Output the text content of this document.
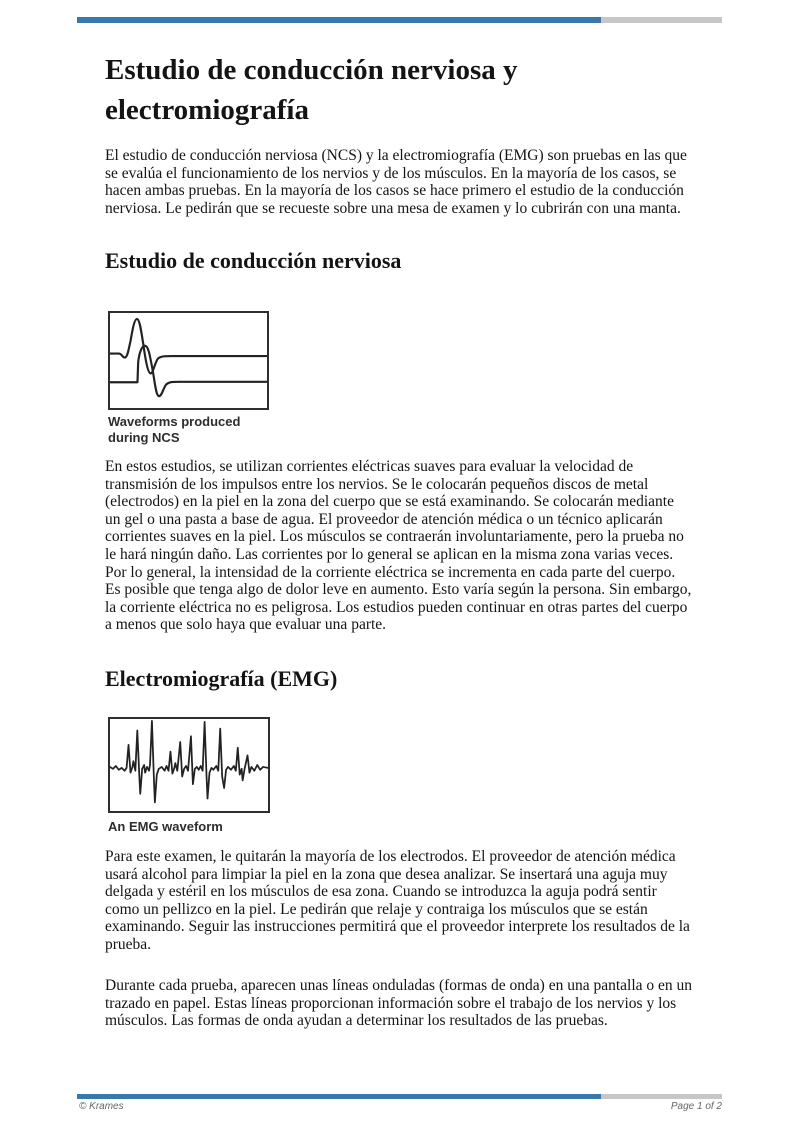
Estudio de conducción nerviosa y electromiografía

El estudio de conducción nerviosa (NCS) y la electromiografía (EMG) son pruebas en las que se evalúa el funcionamiento de los nervios y de los músculos. En la mayoría de los casos, se hacen ambas pruebas. En la mayoría de los casos se hace primero el estudio de la conducción nerviosa. Le pedirán que se recueste sobre una mesa de examen y lo cubrirán con una manta.

Estudio de conducción nerviosa
Waveforms produced during NCS

En estos estudios, se utilizan corrientes eléctricas suaves para evaluar la velocidad de transmisión de los impulsos entre los nervios. Se le colocarán pequeños discos de metal (electrodos) en la piel en la zona del cuerpo que se está examinando. Se colocarán mediante un gel o una pasta a base de agua. El proveedor de atención médica o un técnico aplicarán corrientes suaves en la piel. Los músculos se contraerán involuntariamente, pero la prueba no le hará ningún daño. Las corrientes por lo general se aplican en la misma zona varias veces. Por lo general, la intensidad de la corriente eléctrica se incrementa en cada parte del cuerpo. Es posible que tenga algo de dolor leve en aumento. Esto varía según la persona. Sin embargo, la corriente eléctrica no es peligrosa. Los estudios pueden continuar en otras partes del cuerpo a menos que solo haya que evaluar una parte.

Electromiografía (EMG)
An EMG waveform

Para este examen, le quitarán la mayoría de los electrodos. El proveedor de atención médica usará alcohol para limpiar la piel en la zona que desea analizar. Se insertará una aguja muy delgada y estéril en los músculos de esa zona. Cuando se introduzca la aguja podrá sentir como un pellizco en la piel. Le pedirán que relaje y contraiga los músculos que se están examinando. Seguir las instrucciones permitirá que el proveedor interprete los resultados de la prueba.

Durante cada prueba, aparecen unas líneas onduladas (formas de onda) en una pantalla o en un trazado en papel. Estas líneas proporcionan información sobre el trabajo de los nervios y los músculos. Las formas de onda ayudan a determinar los resultados de las pruebas.

© Krames	Page 1 of 2
